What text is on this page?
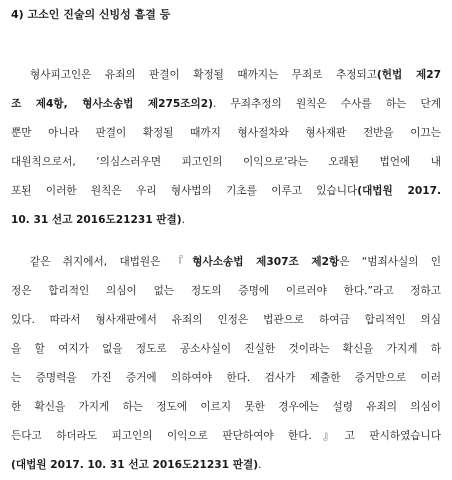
4) 고소인 진술의 신빙성 흠결 등
형사피고인은 유죄의 판결이 확정될 때까지는 무죄로 추정되고(헌법 제27
조 제4항, 형사소송법 제275조의2). 무죄추정의 원칙은 수사를 하는 단계
뿐만 아니라 판결이 확정될 때까지 형사절차와 형사재판 전반을 이끄는
대원칙으로서, ‘의심스러우면 피고인의 이익으로’라는 오래된 법언에 내
포된 이러한 원칙은 우리 형사법의 기초를 이루고 있습니다(대법원 2017.
10. 31 선고 2016도21231 판결).
같은 취지에서, 대법원은 『형사소송법 제307조 제2항은 “범죄사실의 인
정은 합리적인 의심이 없는 정도의 증명에 이르러야 한다.”라고 정하고
있다. 따라서 형사재판에서 유죄의 인정은 법관으로 하여금 합리적인 의심
을 할 여지가 없을 정도로 공소사실이 진실한 것이라는 확신을 가지게 하
는 증명력을 가진 증거에 의하여야 한다. 검사가 제출한 증거만으로 이러
한 확신을 가지게 하는 정도에 이르지 못한 경우에는 설령 유죄의 의심이
든다고 하더라도 피고인의 이익으로 판단하여야 한다.』고 판시하였습니다
(대법원 2017. 10. 31 선고 2016도21231 판결).
